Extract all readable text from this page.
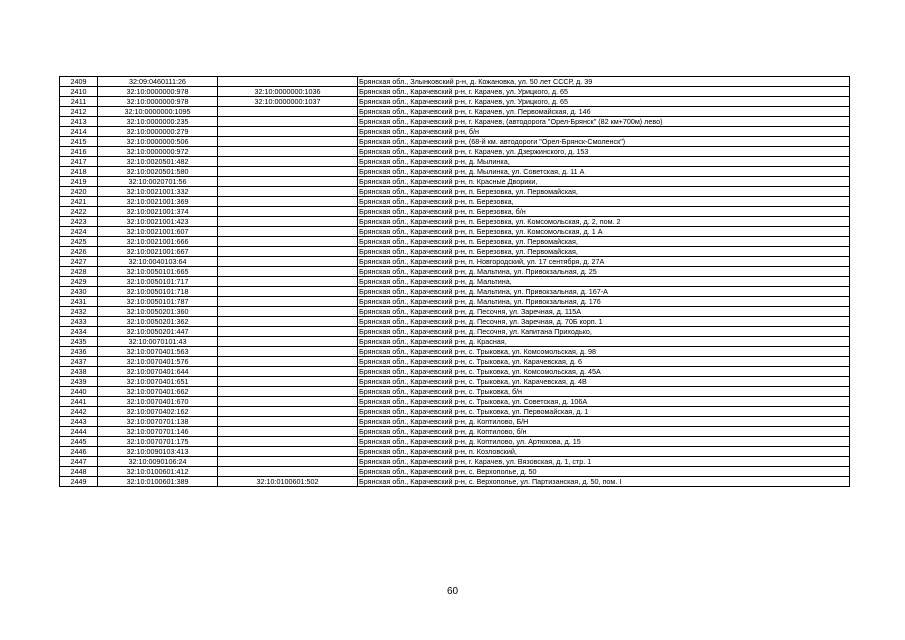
2409	32:09:0460111:26		Брянская обл., Злынковский р-н, д. Кожановка, ул. 50 лет СССР, д. 39
2410	32:10:0000000:978	32:10:0000000:1036	Брянская обл., Карачевский р-н, г. Карачев, ул. Урицкого, д. 65
2411	32:10:0000000:978	32:10:0000000:1037	Брянская обл., Карачевский р-н, г. Карачев, ул. Урицкого, д. 65
2412	32:10:0000000:1095		Брянская обл., Карачевский р-н, г. Карачев, ул. Первомайская, д. 146
2413	32:10:0000000:235		Брянская обл., Карачевский р-н, г. Карачев, (автодорога "Орел-Брянск" (82 км+700м) лево)
2414	32:10:0000000:279		Брянская обл., Карачевский р-н, б/н
2415	32:10:0000000:506		Брянская обл., Карачевский р-н, (68-й км. автодороги "Орел-Брянск-Смоленск")
2416	32:10:0000000:972		Брянская обл., Карачевский р-н, г. Карачев, ул. Дзержинского, д. 153
2417	32:10:0020501:482		Брянская обл., Карачевский р-н, д. Мылинка,
2418	32:10:0020501:580		Брянская обл., Карачевский р-н, д. Мылинка, ул. Советская, д. 11 А
2419	32:10:0020701:56		Брянская обл., Карачевский р-н, п. Красные Дворики,
2420	32:10:0021001:332		Брянская обл., Карачевский р-н, п. Березовка, ул. Первомайская,
2421	32:10:0021001:369		Брянская обл., Карачевский р-н, п. Березовка,
2422	32:10:0021001:374		Брянская обл., Карачевский р-н, п. Березовка, б/н
2423	32:10:0021001:423		Брянская обл., Карачевский р-н, п. Березовка, ул. Комсомольская, д. 2, пом. 2
2424	32:10:0021001:607		Брянская обл., Карачевский р-н, п. Березовка, ул. Комсомольская, д. 1 А
2425	32:10:0021001:666		Брянская обл., Карачевский р-н, п. Березовка, ул. Первомайская,
2426	32:10:0021001:667		Брянская обл., Карачевский р-н, п. Березовка, ул. Первомайская,
2427	32:10:0040103:64		Брянская обл., Карачевский р-н, п. Новгородский, ул. 17 сентября, д. 27А
2428	32:10:0050101:665		Брянская обл., Карачевский р-н, д. Мальтина, ул. Привокзальная, д. 25
2429	32:10:0050101:717		Брянская обл., Карачевский р-н, д. Мальтина,
2430	32:10:0050101:718		Брянская обл., Карачевский р-н, д. Мальтина, ул. Привокзальная, д. 167-А
2431	32:10:0050101:787		Брянская обл., Карачевский р-н, д. Мальтина, ул. Привокзальная, д. 176
2432	32:10:0050201:360		Брянская обл., Карачевский р-н, д. Песочня, ул. Заречная, д. 115А
2433	32:10:0050201:362		Брянская обл., Карачевский р-н, д. Песочня, ул. Заречная, д. 70Б корп. 1
2434	32:10:0050201:447		Брянская обл., Карачевский р-н, д. Песочня, ул. Капитана Приходько,
2435	32:10:0070101:43		Брянская обл., Карачевский р-н, д. Красная,
2436	32:10:0070401:563		Брянская обл., Карачевский р-н, с. Трыковка, ул. Комсомольская, д. 98
2437	32:10:0070401:576		Брянская обл., Карачевский р-н, с. Трыковка, ул. Карачевская, д. 6
2438	32:10:0070401:644		Брянская обл., Карачевский р-н, с. Трыковка, ул. Комсомольская, д. 45А
2439	32:10:0070401:651		Брянская обл., Карачевский р-н, с. Трыковка, ул. Карачевская, д. 4В
2440	32:10:0070401:662		Брянская обл., Карачевский р-н, с. Трыковка, б/н
2441	32:10:0070401:670		Брянская обл., Карачевский р-н, с. Трыковка, ул. Советская, д. 106А
2442	32:10:0070402:162		Брянская обл., Карачевский р-н, с. Трыковка, ул. Первомайская, д. 1
2443	32:10:0070701:138		Брянская обл., Карачевский р-н, д. Коптилово, Б/Н
2444	32:10:0070701:146		Брянская обл., Карачевский р-н, д. Коптилово, б/н
2445	32:10:0070701:175		Брянская обл., Карачевский р-н, д. Коптилово, ул. Артюхова, д. 15
2446	32:10:0090103:413		Брянская обл., Карачевский р-н, п. Козловский,
2447	32:10:0090106:24		Брянская обл., Карачевский р-н, г. Карачев, ул. Вязовская, д. 1, стр. 1
2448	32:10:0100601:412		Брянская обл., Карачевский р-н, с. Верхополье, д. 50
2449	32:10:0100601:389	32:10:0100601:502	Брянская обл., Карачевский р-н, с. Верхополье, ул. Партизанская, д. 50, пом. I
60
